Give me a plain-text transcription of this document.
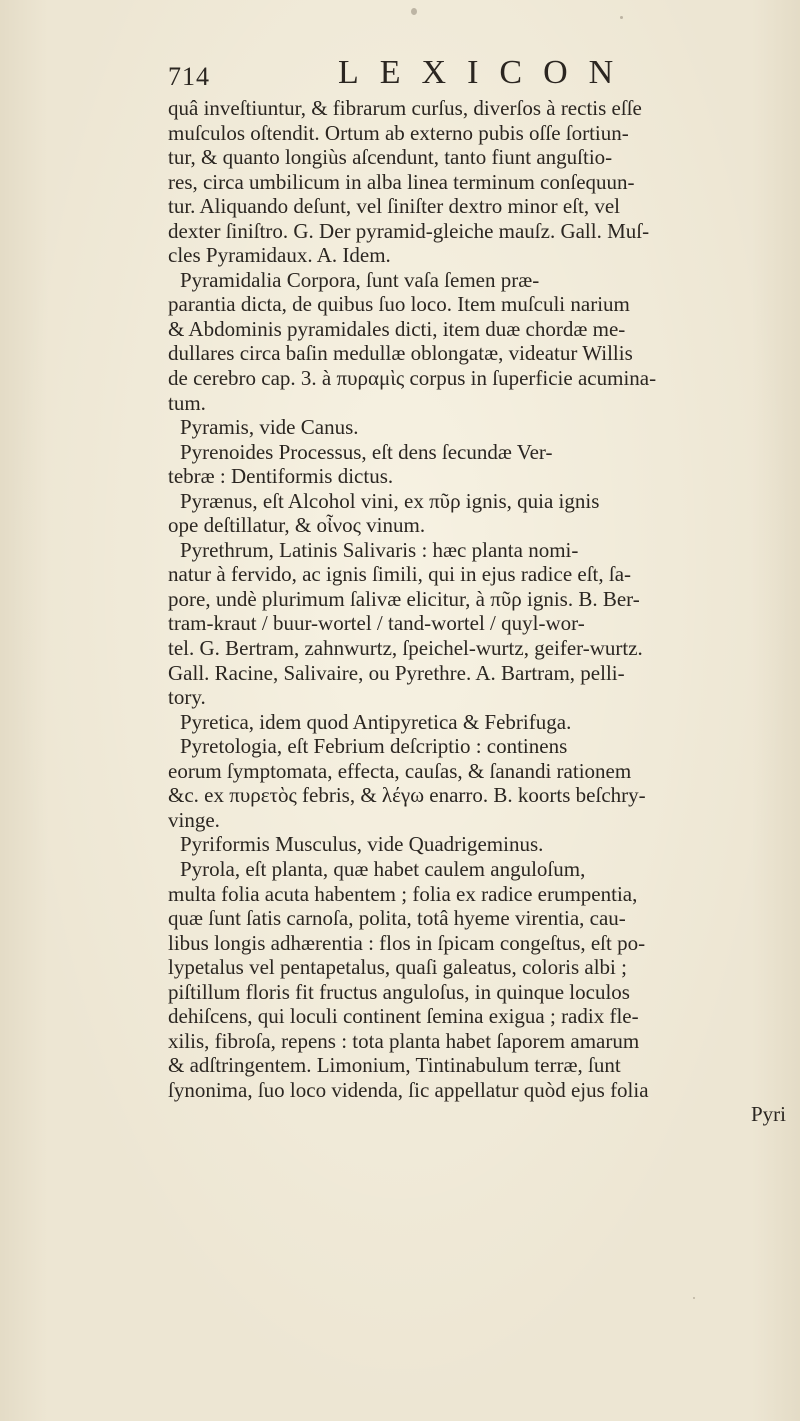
714	LEXICON
quâ inveſtiuntur, & fibrarum curſus, diverſos à rectis eſſe
muſculos oſtendit. Ortum ab externo pubis oſſe ſortiun-
tur, & quanto longiùs aſcendunt, tanto fiunt anguſtio-
res, circa umbilicum in alba linea terminum conſequun-
tur. Aliquando deſunt, vel ſiniſter dextro minor eſt, vel
dexter ſiniſtro. G. Der pyramid-gleiche mauſz. Gall. Muſ-
cles Pyramidaux. A. Idem.
Pyramidalia Corpora, ſunt vaſa ſemen præ-
parantia dicta, de quibus ſuo loco. Item muſculi narium
& Abdominis pyramidales dicti, item duæ chordæ me-
dullares circa baſin medullæ oblongatæ, videatur Willis
de cerebro cap. 3. à πυραμὶς corpus in ſuperficie acumina-
tum.
Pyramis, vide Canus.
Pyrenoides Processus, eſt dens ſecundæ Ver-
tebræ : Dentiformis dictus.
Pyrænus, eſt Alcohol vini, ex πῦρ ignis, quia ignis
ope deſtillatur, & οἶνος vinum.
Pyrethrum, Latinis Salivaris : hæc planta nomi-
natur à fervido, ac ignis ſimili, qui in ejus radice eſt, ſa-
pore, undè plurimum ſalivæ elicitur, à πῦρ ignis. B. Ber-
tram-kraut / buur-wortel / tand-wortel / quyl-wor-
tel. G. Bertram, zahnwurtz, ſpeichel-wurtz, geifer-wurtz.
Gall. Racine, Salivaire, ou Pyrethre. A. Bartram, pelli-
tory.
Pyretica, idem quod Antipyretica & Febrifuga.
Pyretologia, eſt Febrium deſcriptio : continens
eorum ſymptomata, effecta, cauſas, & ſanandi rationem
&c. ex πυρετὸς febris, & λέγω enarro. B. koorts beſchry-
vinge.
Pyriformis Musculus, vide Quadrigeminus.
Pyrola, eſt planta, quæ habet caulem anguloſum,
multa folia acuta habentem ; folia ex radice erumpentia,
quæ ſunt ſatis carnoſa, polita, totâ hyeme virentia, cau-
libus longis adhærentia : flos in ſpicam congeſtus, eſt po-
lypetalus vel pentapetalus, quaſi galeatus, coloris albi ;
piſtillum floris fit fructus anguloſus, in quinque loculos
dehiſcens, qui loculi continent ſemina exigua ; radix fle-
xilis, fibroſa, repens : tota planta habet ſaporem amarum
& adſtringentem. Limonium, Tintinabulum terræ, ſunt
ſynonima, ſuo loco videnda, ſic appellatur quòd ejus folia
Pyri
